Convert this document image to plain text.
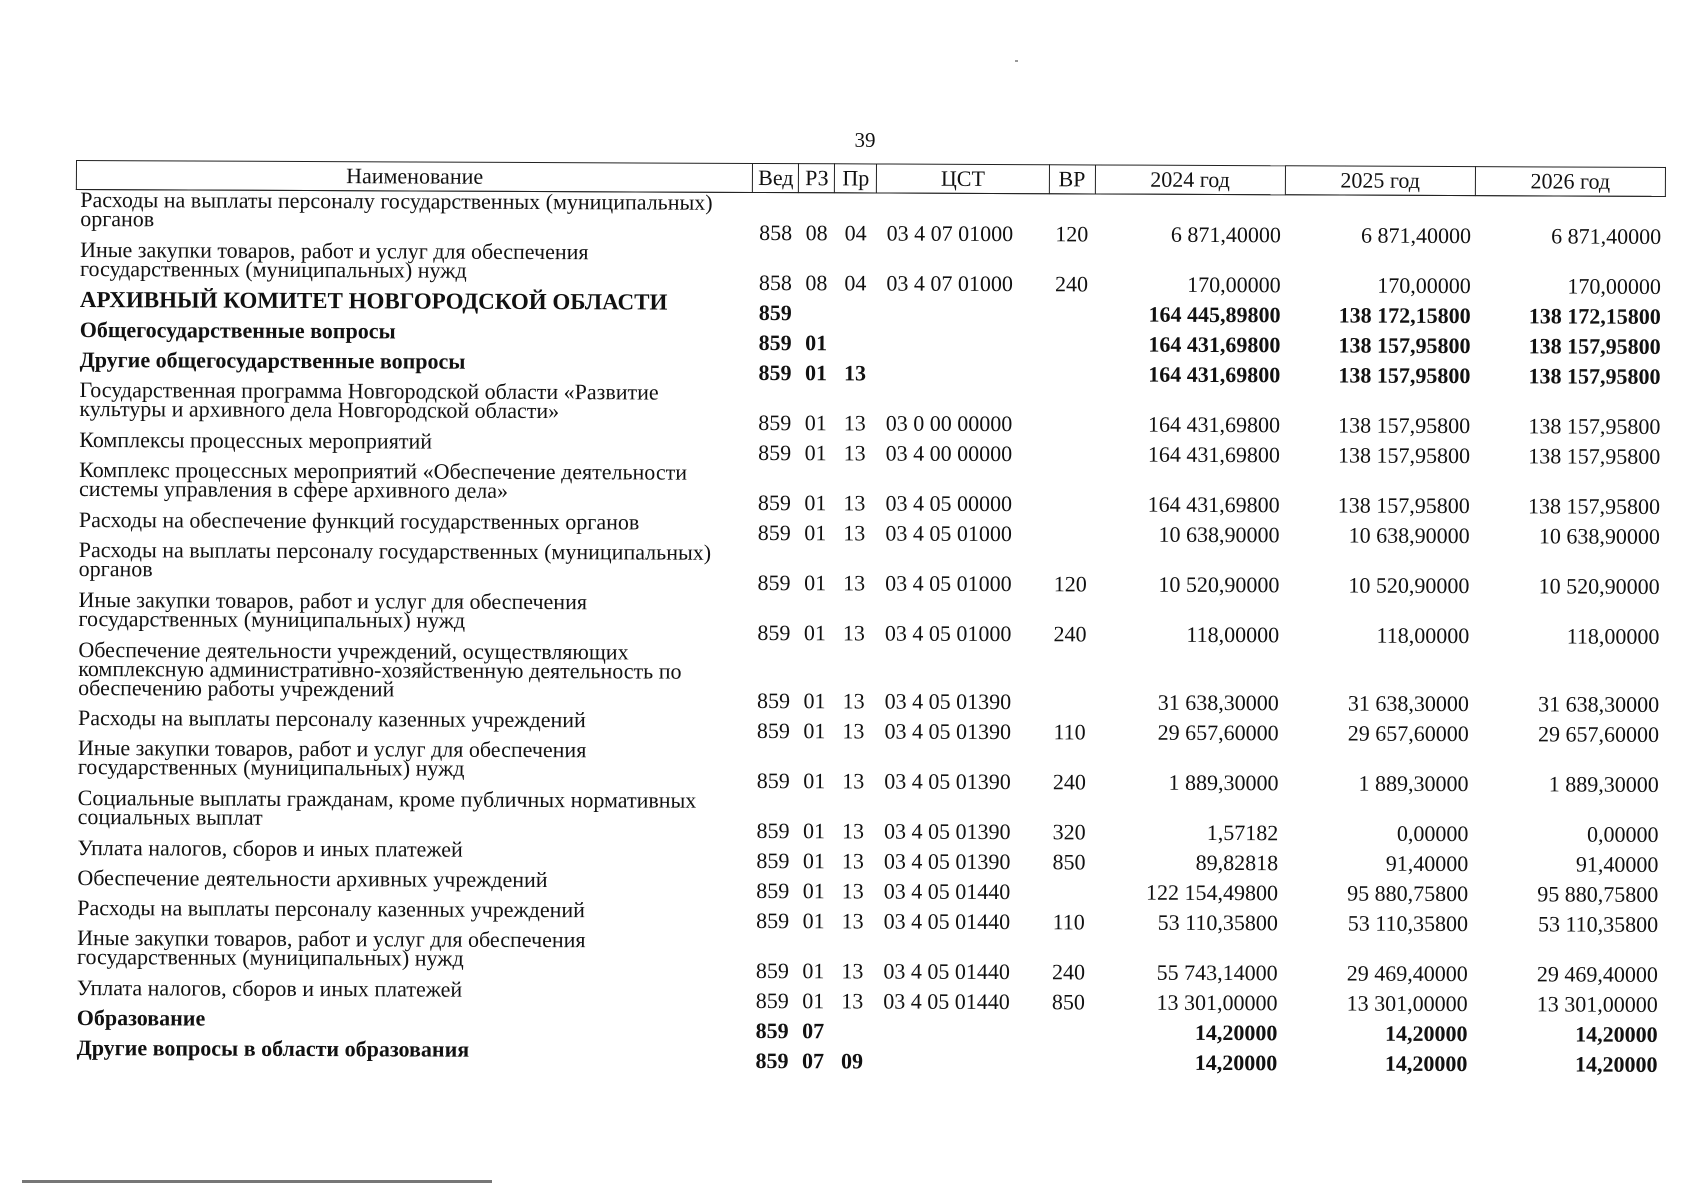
39
Наименование	Вед	РЗ	Пр	ЦСТ	ВР	2024 год	2025 год	2026 год
Расходы на выплаты персоналу государственных (муниципальных) органов	858	08	04	03 4 07 01000	120	6 871,40000	6 871,40000	6 871,40000
Иные закупки товаров, работ и услуг для обеспечения государственных (муниципальных) нужд	858	08	04	03 4 07 01000	240	170,00000	170,00000	170,00000
АРХИВНЫЙ КОМИТЕТ НОВГОРОДСКОЙ ОБЛАСТИ	859					164 445,89800	138 172,15800	138 172,15800
Общегосударственные вопросы	859	01				164 431,69800	138 157,95800	138 157,95800
Другие общегосударственные вопросы	859	01	13			164 431,69800	138 157,95800	138 157,95800
Государственная программа Новгородской области «Развитие культуры и архивного дела Новгородской области»	859	01	13	03 0 00 00000		164 431,69800	138 157,95800	138 157,95800
Комплексы процессных мероприятий	859	01	13	03 4 00 00000		164 431,69800	138 157,95800	138 157,95800
Комплекс процессных мероприятий «Обеспечение деятельности системы управления в сфере архивного дела»	859	01	13	03 4 05 00000		164 431,69800	138 157,95800	138 157,95800
Расходы на обеспечение функций государственных органов	859	01	13	03 4 05 01000		10 638,90000	10 638,90000	10 638,90000
Расходы на выплаты персоналу государственных (муниципальных) органов	859	01	13	03 4 05 01000	120	10 520,90000	10 520,90000	10 520,90000
Иные закупки товаров, работ и услуг для обеспечения государственных (муниципальных) нужд	859	01	13	03 4 05 01000	240	118,00000	118,00000	118,00000
Обеспечение деятельности учреждений, осуществляющих комплексную административно-хозяйственную деятельность по обеспечению работы учреждений	859	01	13	03 4 05 01390		31 638,30000	31 638,30000	31 638,30000
Расходы на выплаты персоналу казенных учреждений	859	01	13	03 4 05 01390	110	29 657,60000	29 657,60000	29 657,60000
Иные закупки товаров, работ и услуг для обеспечения государственных (муниципальных) нужд	859	01	13	03 4 05 01390	240	1 889,30000	1 889,30000	1 889,30000
Социальные выплаты гражданам, кроме публичных нормативных социальных выплат	859	01	13	03 4 05 01390	320	1,57182	0,00000	0,00000
Уплата налогов, сборов и иных платежей	859	01	13	03 4 05 01390	850	89,82818	91,40000	91,40000
Обеспечение деятельности архивных учреждений	859	01	13	03 4 05 01440		122 154,49800	95 880,75800	95 880,75800
Расходы на выплаты персоналу казенных учреждений	859	01	13	03 4 05 01440	110	53 110,35800	53 110,35800	53 110,35800
Иные закупки товаров, работ и услуг для обеспечения государственных (муниципальных) нужд	859	01	13	03 4 05 01440	240	55 743,14000	29 469,40000	29 469,40000
Уплата налогов, сборов и иных платежей	859	01	13	03 4 05 01440	850	13 301,00000	13 301,00000	13 301,00000
Образование	859	07				14,20000	14,20000	14,20000
Другие вопросы в области образования	859	07	09			14,20000	14,20000	14,20000
